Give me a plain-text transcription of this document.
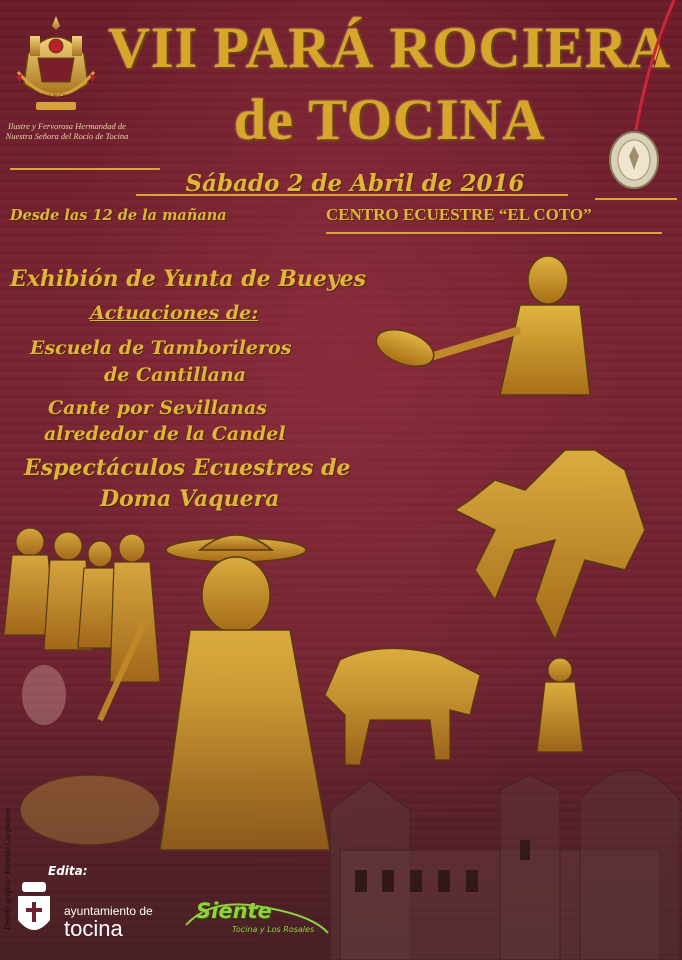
Su Bien de Cruz
Ilustre y Fervorosa Hermandad de Nuestra Señora del Rocío de Tocina
VII PARÁ ROCIERA
de TOCINA
Sábado 2 de Abril de 2016
Desde las 12 de la mañana	CENTRO ECUESTRE “EL COTO”
Exhibión de Yunta de Bueyes
Actuaciones de:
Escuela de Tamborileros
de Cantillana
Cante por Sevillanas
alrededor de la Candel
Espectáculos Ecuestres de
Doma Vaquera
Diseño gráfico: Ricardo Carpintero	Edita:
ayuntamiento de
tocina
Siente
Tocina y Los Rosales
